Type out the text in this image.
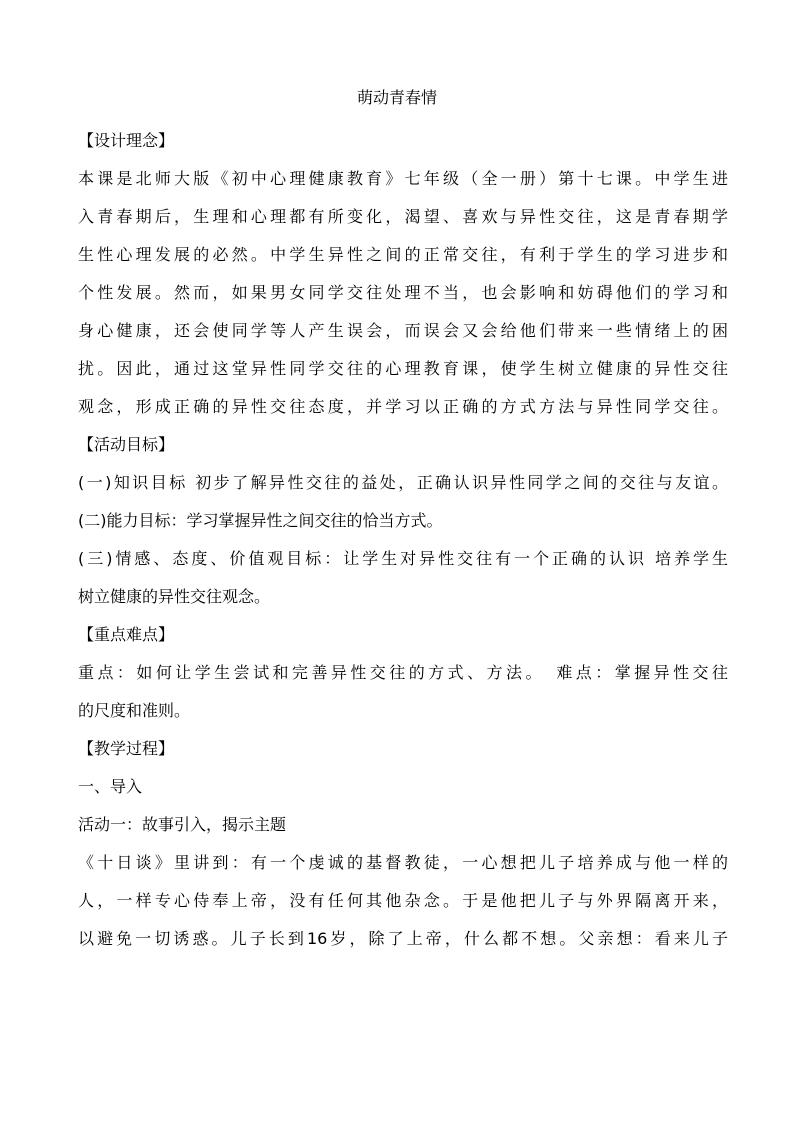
萌动青春情
【设计理念】
本课是北师大版《初中心理健康教育》七年级（全一册）第十七课。中学生进
入青春期后，生理和心理都有所变化，渴望、喜欢与异性交往，这是青春期学
生性心理发展的必然。中学生异性之间的正常交往，有利于学生的学习进步和
个性发展。然而，如果男女同学交往处理不当，也会影响和妨碍他们的学习和
身心健康，还会使同学等人产生误会，而误会又会给他们带来一些情绪上的困
扰。因此，通过这堂异性同学交往的心理教育课，使学生树立健康的异性交往
观念，形成正确的异性交往态度，并学习以正确的方式方法与异性同学交往。
【活动目标】
(一)知识目标 初步了解异性交往的益处，正确认识异性同学之间的交往与友谊。
(二)能力目标：学习掌握异性之间交往的恰当方式。
(三)情感、态度、价值观目标：让学生对异性交往有一个正确的认识 培养学生
树立健康的异性交往观念。
【重点难点】
重点：如何让学生尝试和完善异性交往的方式、方法。　难点：掌握异性交往
的尺度和准则。
【教学过程】
一、导入
活动一：故事引入，揭示主题
《十日谈》里讲到：有一个虔诚的基督教徒，一心想把儿子培养成与他一样的
人，一样专心侍奉上帝，没有任何其他杂念。于是他把儿子与外界隔离开来，
以避免一切诱惑。儿子长到16岁，除了上帝，什么都不想。父亲想：看来儿子
